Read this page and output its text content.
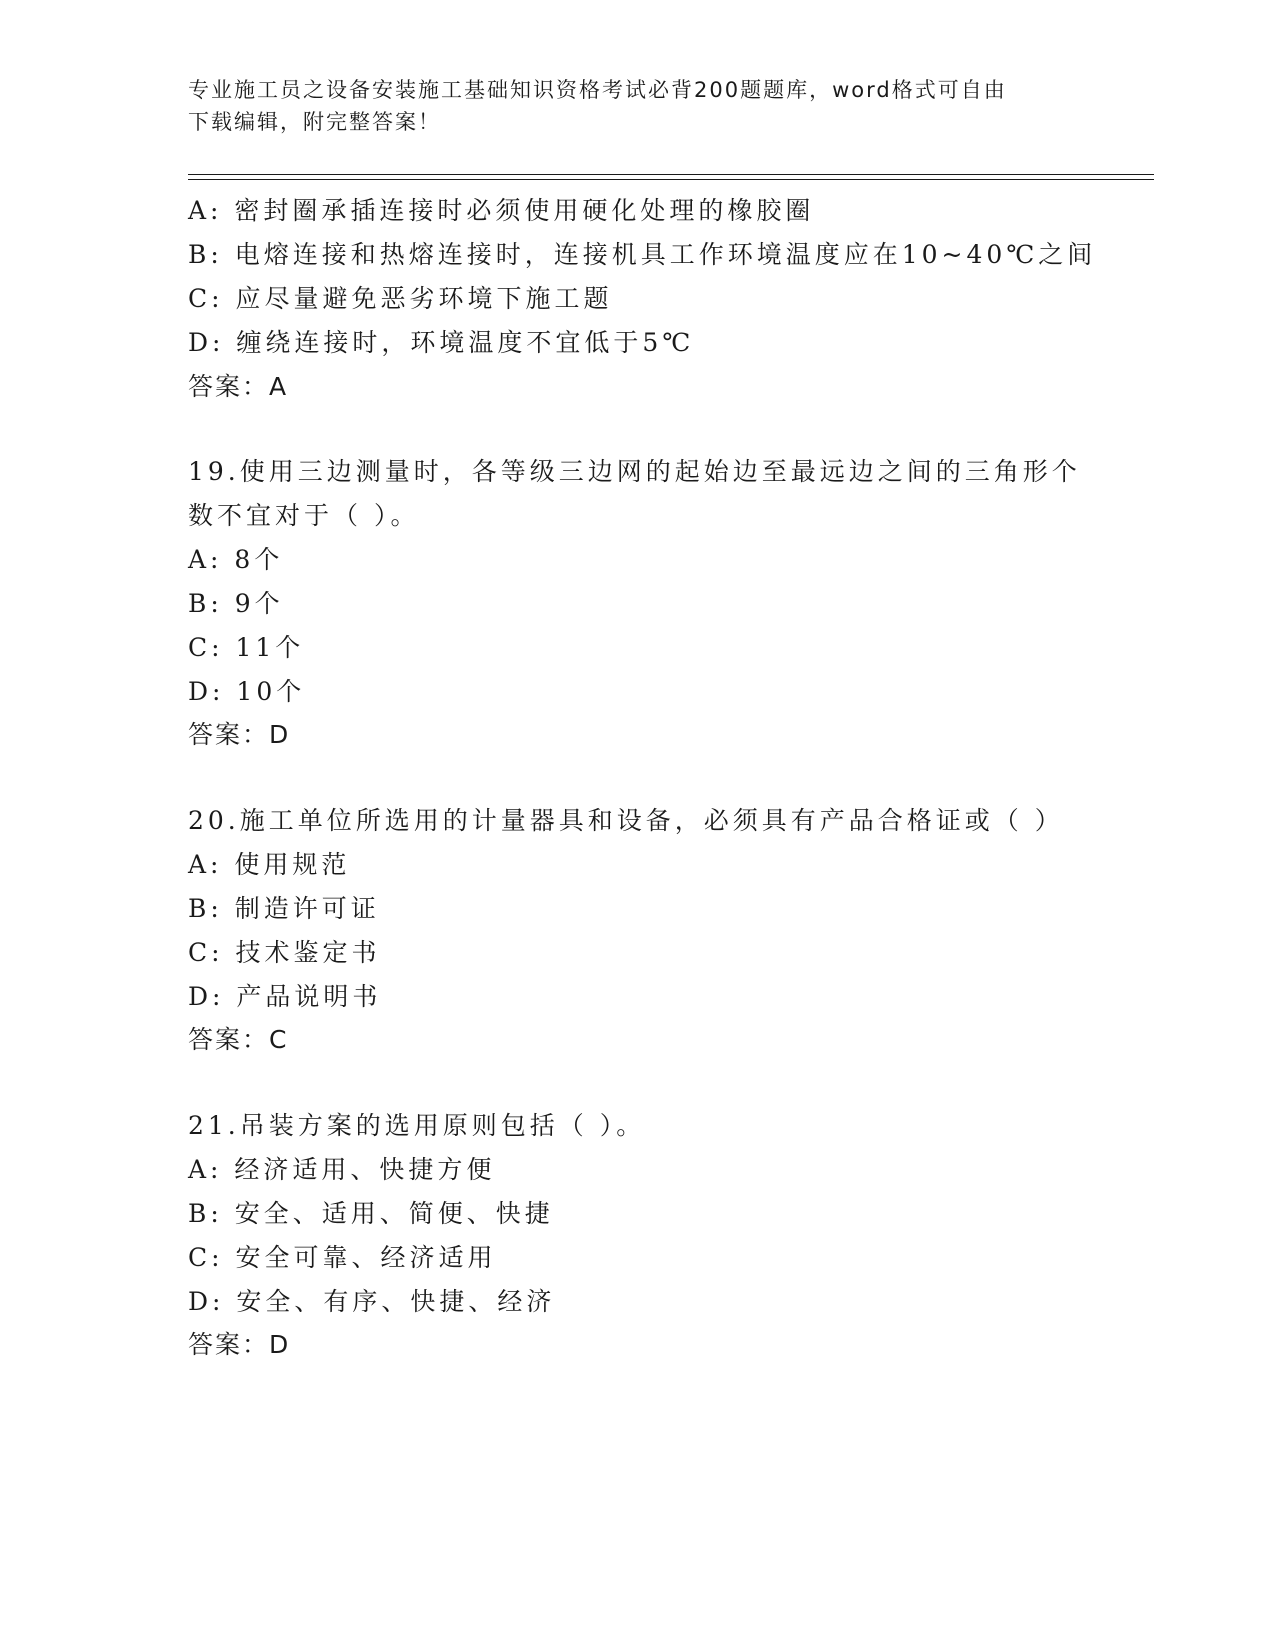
专业施工员之设备安装施工基础知识资格考试必背200题题库，word格式可自由
下载编辑，附完整答案！
A: 密封圈承插连接时必须使用硬化处理的橡胶圈
B: 电熔连接和热熔连接时，连接机具工作环境温度应在10~40℃之间
C: 应尽量避免恶劣环境下施工题
D: 缠绕连接时，环境温度不宜低于5℃
答案：A
19.使用三边测量时，各等级三边网的起始边至最远边之间的三角形个
数不宜对于（ ）。
A: 8个
B: 9个
C: 11个
D: 10个
答案：D
20.施工单位所选用的计量器具和设备，必须具有产品合格证或（ ）
A: 使用规范
B: 制造许可证
C: 技术鉴定书
D: 产品说明书
答案：C
21.吊装方案的选用原则包括（ ）。
A: 经济适用、快捷方便
B: 安全、适用、简便、快捷
C: 安全可靠、经济适用
D: 安全、有序、快捷、经济
答案：D
